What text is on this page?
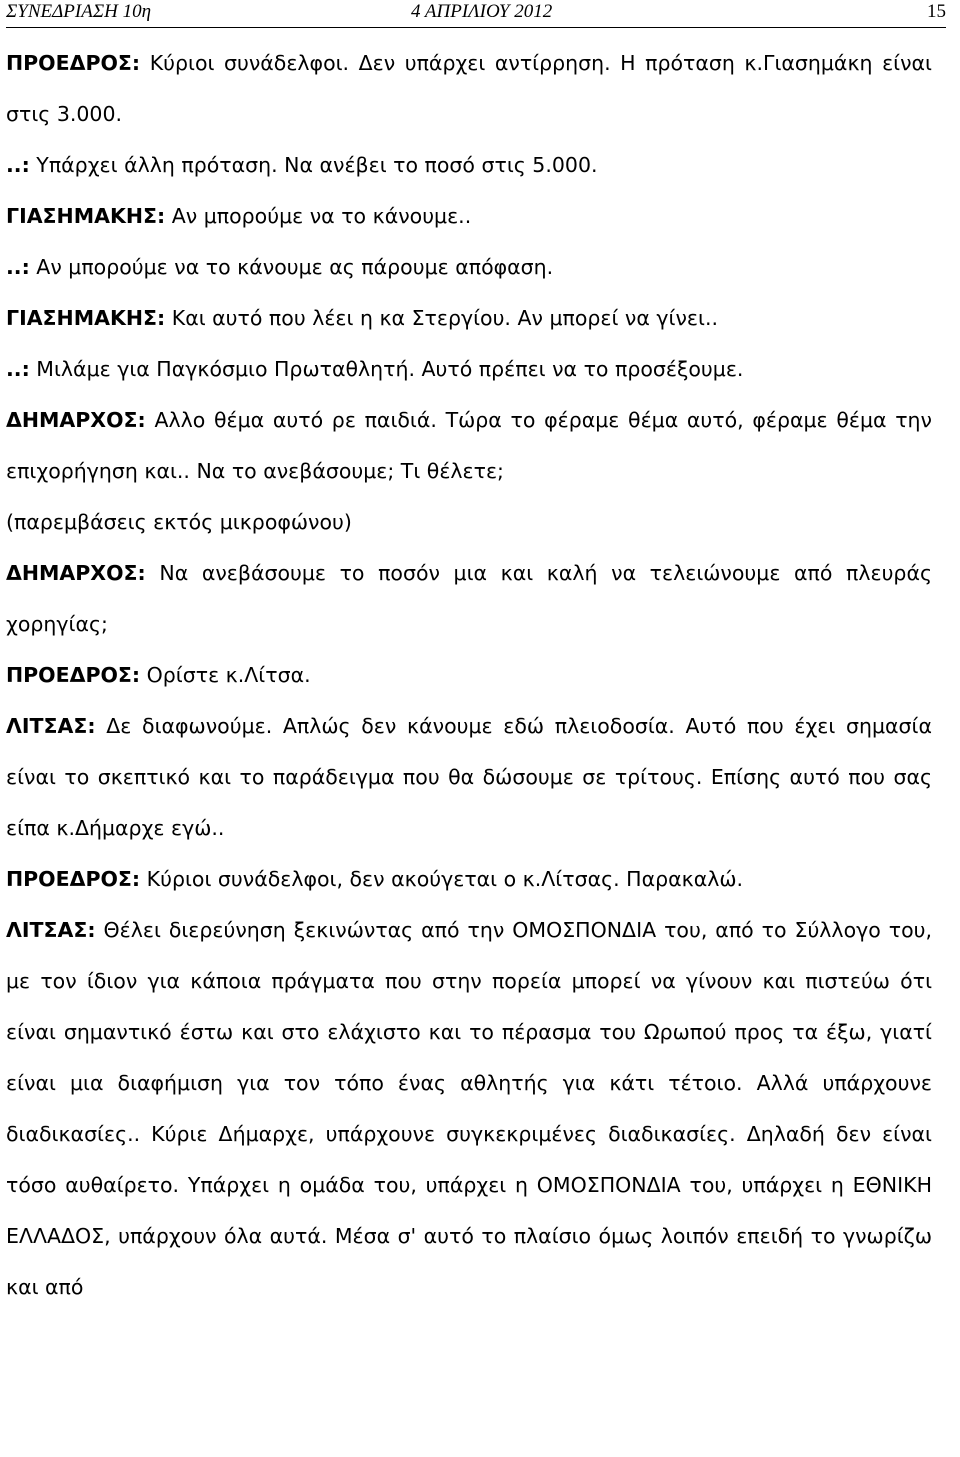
ΣΥΝΕΔΡΙΑΣΗ 10η	4 ΑΠΡΙΛΙΟΥ 2012	15

ΠΡΟΕΔΡΟΣ: Κύριοι συνάδελφοι. Δεν υπάρχει αντίρρηση. Η πρόταση κ.Γιασημάκη είναι στις 3.000.

..: Υπάρχει άλλη πρόταση. Να ανέβει το ποσό στις 5.000.

ΓΙΑΣΗΜΑΚΗΣ: Αν μπορούμε να το κάνουμε..

..: Αν μπορούμε να το κάνουμε ας πάρουμε απόφαση.

ΓΙΑΣΗΜΑΚΗΣ: Και αυτό που λέει η κα Στεργίου. Αν μπορεί να γίνει..

..: Μιλάμε για Παγκόσμιο Πρωταθλητή. Αυτό πρέπει να το προσέξουμε.

ΔΗΜΑΡΧΟΣ: Αλλο θέμα αυτό ρε παιδιά. Τώρα το φέραμε θέμα αυτό, φέραμε θέμα την επιχορήγηση και.. Να το ανεβάσουμε; Τι θέλετε;

(παρεμβάσεις εκτός μικροφώνου)

ΔΗΜΑΡΧΟΣ: Να ανεβάσουμε το ποσόν μια και καλή να τελειώνουμε από πλευράς χορηγίας;

ΠΡΟΕΔΡΟΣ: Ορίστε κ.Λίτσα.

ΛΙΤΣΑΣ: Δε διαφωνούμε. Απλώς δεν κάνουμε εδώ πλειοδοσία. Αυτό που έχει σημασία είναι το σκεπτικό και το παράδειγμα που θα δώσουμε σε τρίτους. Επίσης αυτό που σας είπα κ.Δήμαρχε εγώ..

ΠΡΟΕΔΡΟΣ: Κύριοι συνάδελφοι, δεν ακούγεται ο κ.Λίτσας. Παρακαλώ.

ΛΙΤΣΑΣ: Θέλει διερεύνηση ξεκινώντας από την ΟΜΟΣΠΟΝΔΙΑ του, από το Σύλλογο του, με τον ίδιον για κάποια πράγματα που στην πορεία μπορεί να γίνουν και πιστεύω ότι είναι σημαντικό έστω και στο ελάχιστο και το πέρασμα του Ωρωπού προς τα έξω, γιατί είναι μια διαφήμιση για τον τόπο ένας αθλητής για κάτι τέτοιο. Αλλά υπάρχουνε διαδικασίες.. Κύριε Δήμαρχε, υπάρχουνε συγκεκριμένες διαδικασίες. Δηλαδή δεν είναι τόσο αυθαίρετο. Υπάρχει η ομάδα του, υπάρχει η ΟΜΟΣΠΟΝΔΙΑ του, υπάρχει η ΕΘΝΙΚΗ ΕΛΛΑΔΟΣ, υπάρχουν όλα αυτά. Μέσα σ' αυτό το πλαίσιο όμως λοιπόν επειδή το γνωρίζω και από
